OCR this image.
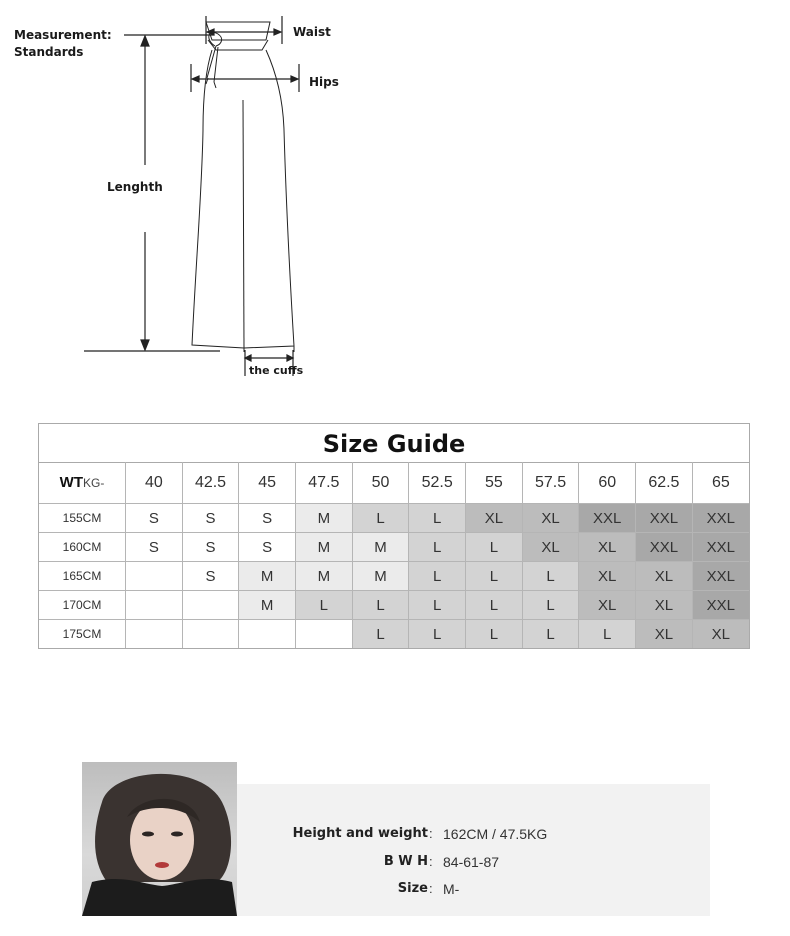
Measurement:
Standards
Waist
Hips
Lenghth
the cuffs
Size Guide
WTKG-	40	42.5	45	47.5	50	52.5	55	57.5	60	62.5	65
155CM	S	S	S	M	L	L	XL	XL	XXL	XXL	XXL
160CM	S	S	S	M	M	L	L	XL	XL	XXL	XXL
165CM		S	M	M	M	L	L	L	XL	XL	XXL
170CM			M	L	L	L	L	L	XL	XL	XXL
175CM					L	L	L	L	L	XL	XL
Height and weight : 162CM / 47.5KG
B W H : 84-61-87
Size : M-
